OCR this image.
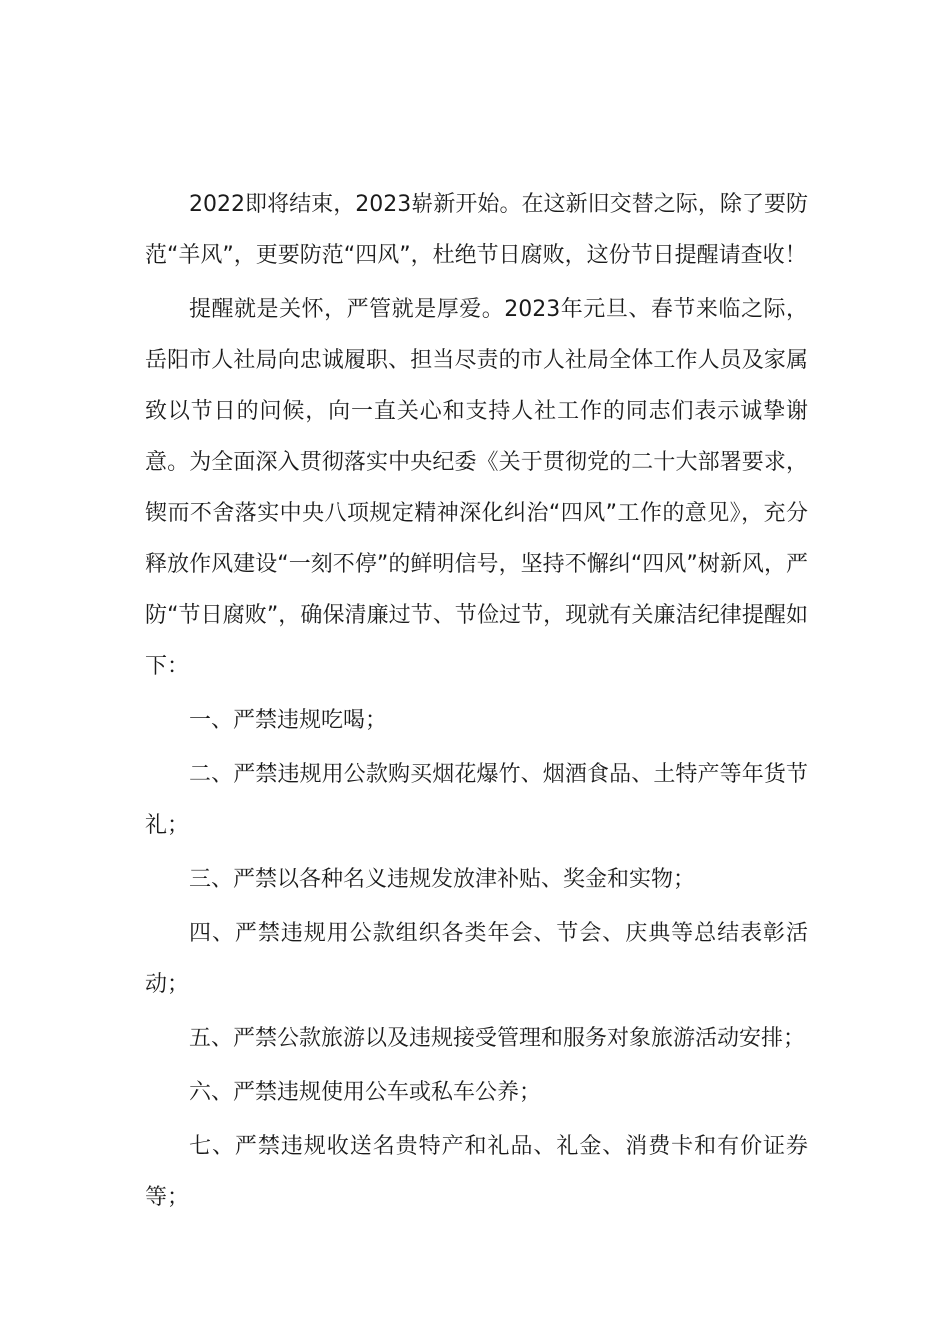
2022即将结束，2023崭新开始。在这新旧交替之际，除了要防范“羊风”，更要防范“四风”，杜绝节日腐败，这份节日提醒请查收！

提醒就是关怀，严管就是厚爱。2023年元旦、春节来临之际，岳阳市人社局向忠诚履职、担当尽责的市人社局全体工作人员及家属致以节日的问候，向一直关心和支持人社工作的同志们表示诚挚谢意。为全面深入贯彻落实中央纪委《关于贯彻党的二十大部署要求，锲而不舍落实中央八项规定精神深化纠治“四风”工作的意见》，充分释放作风建设“一刻不停”的鲜明信号，坚持不懈纠“四风”树新风，严防“节日腐败”，确保清廉过节、节俭过节，现就有关廉洁纪律提醒如下：

一、严禁违规吃喝；

二、严禁违规用公款购买烟花爆竹、烟酒食品、土特产等年货节礼；

三、严禁以各种名义违规发放津补贴、奖金和实物；

四、严禁违规用公款组织各类年会、节会、庆典等总结表彰活动；

五、严禁公款旅游以及违规接受管理和服务对象旅游活动安排；

六、严禁违规使用公车或私车公养；

七、严禁违规收送名贵特产和礼品、礼金、消费卡和有价证券等；
